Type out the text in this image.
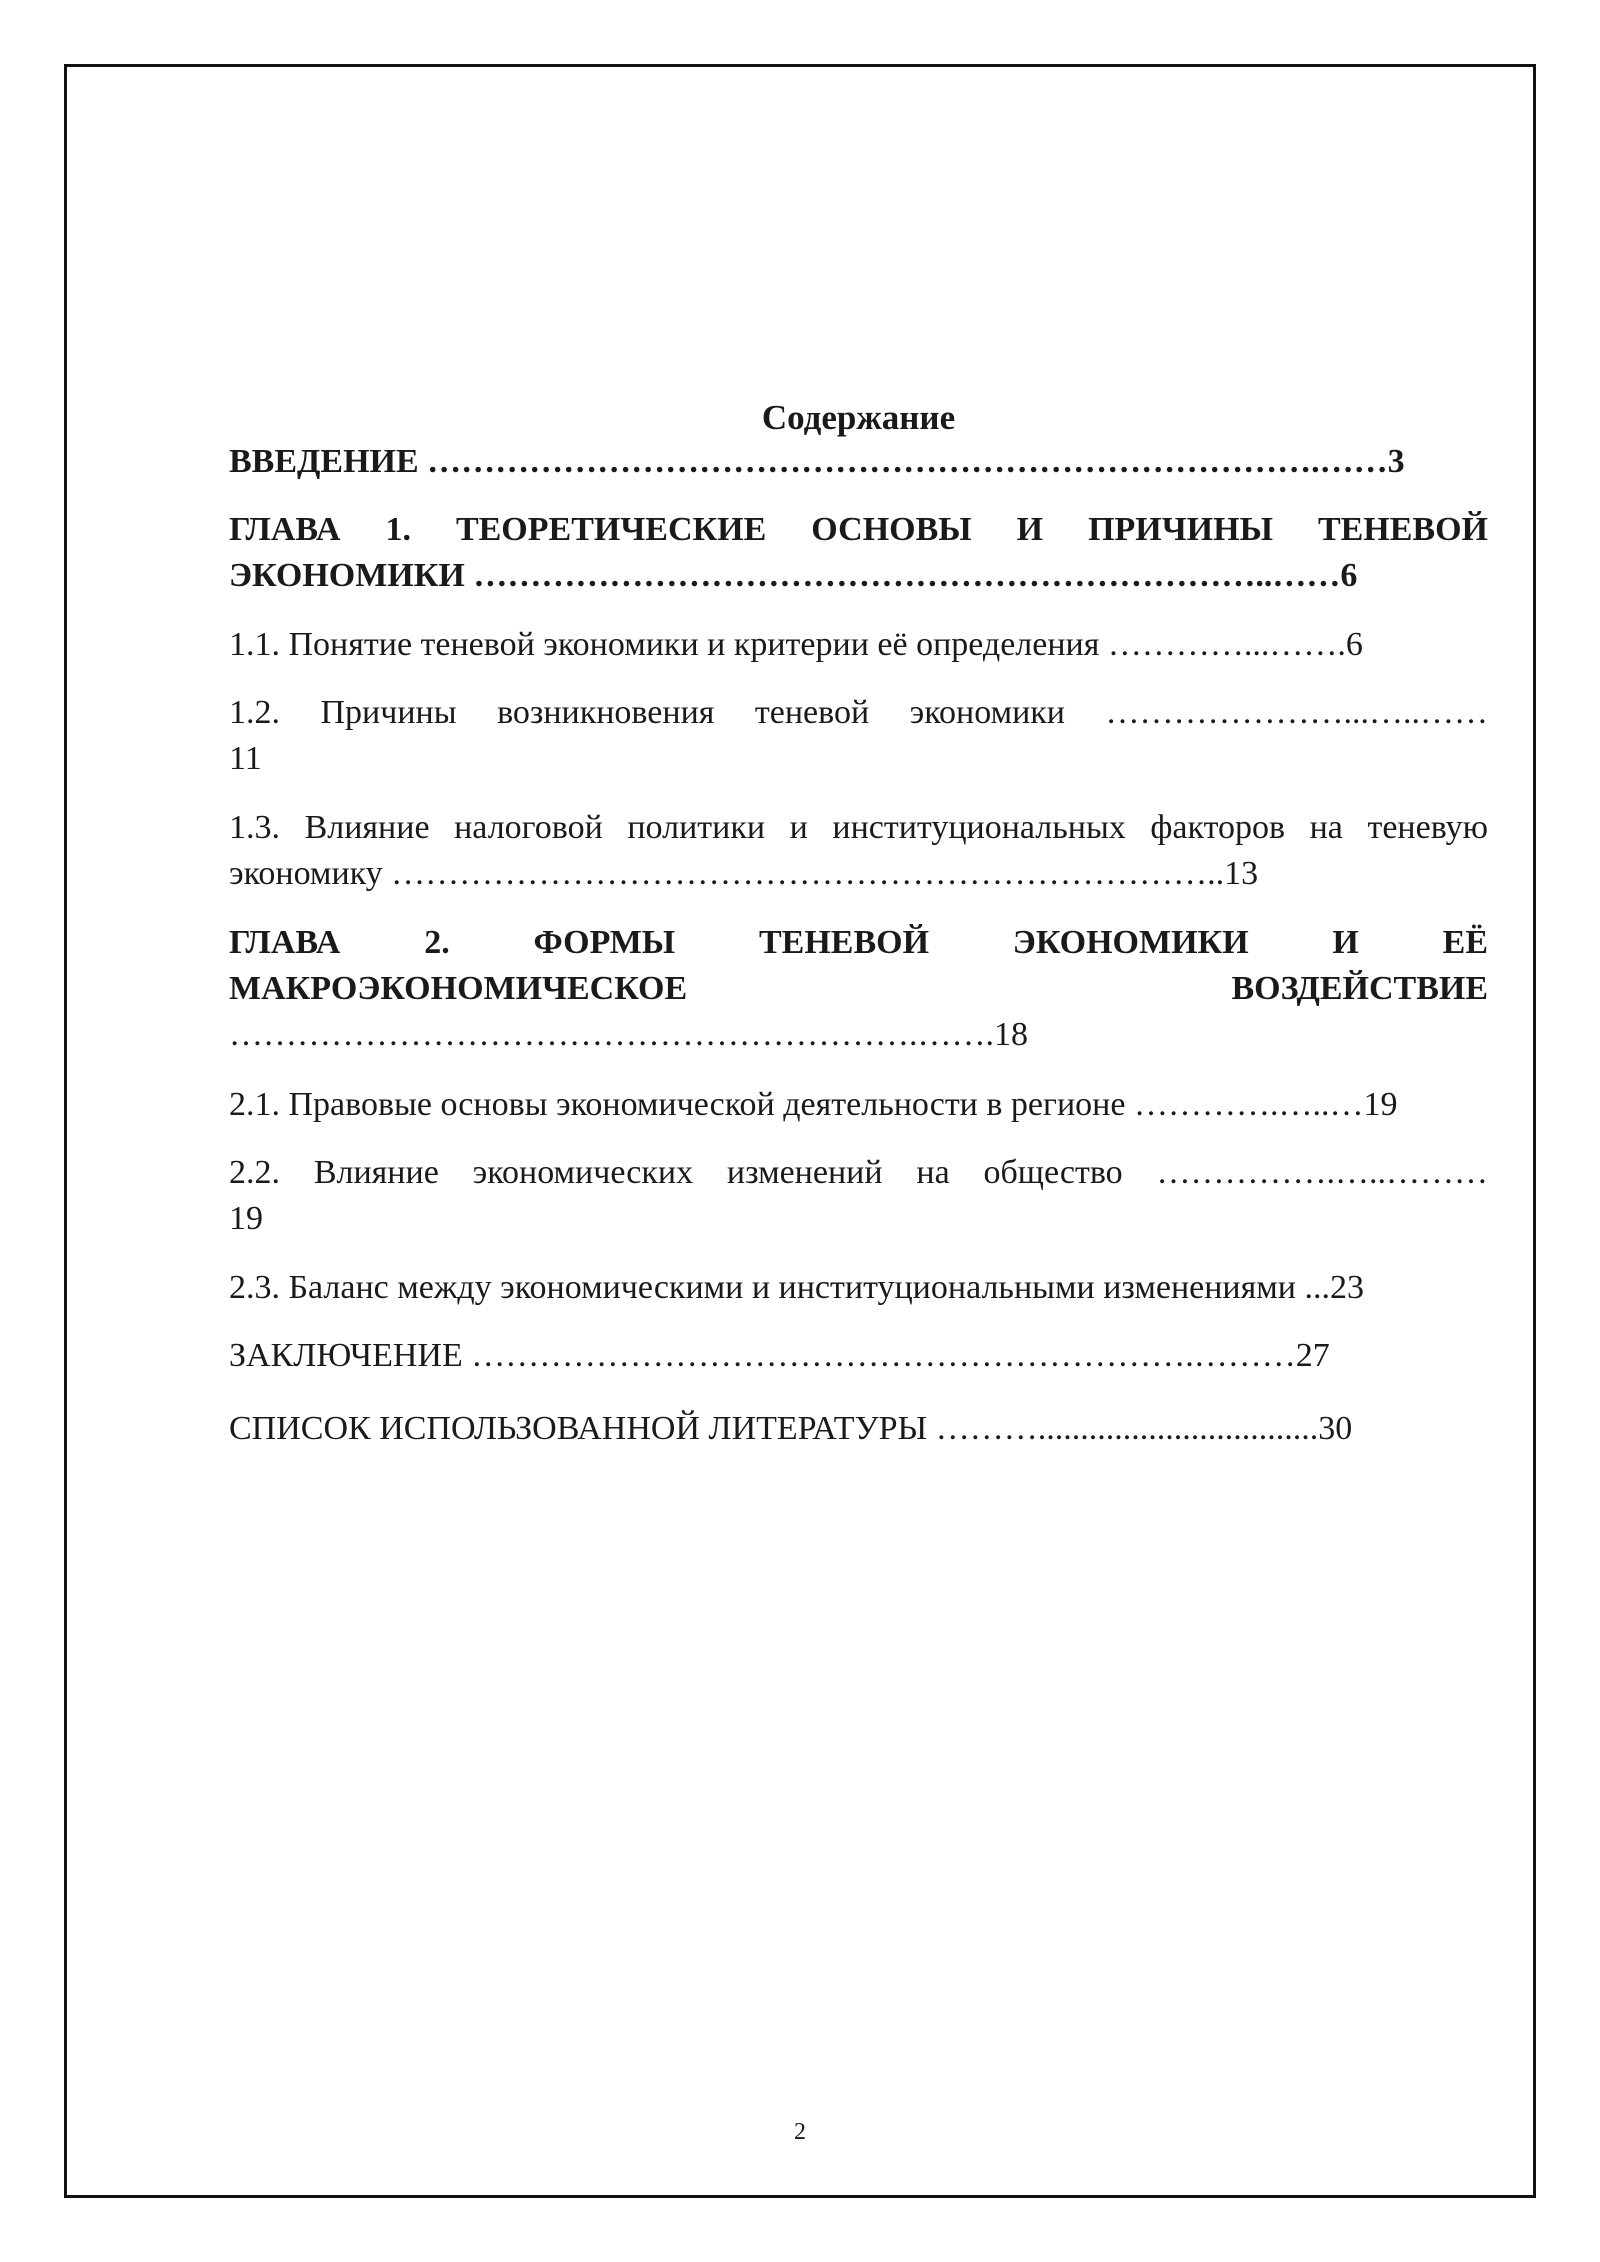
Содержание
ВВЕДЕНИЕ …………………………………………………………………….……3
ГЛАВА 1. ТЕОРЕТИЧЕСКИЕ ОСНОВЫ И ПРИЧИНЫ ТЕНЕВОЙ
ЭКОНОМИКИ ……………………………………………………………..……6
1.1. Понятие теневой экономики и критерии её определения …………...…….6
1.2. Причины возникновения теневой экономики …………………...…..……
11
1.3. Влияние налоговой политики и институциональных факторов на теневую
экономику ………………………………………………………………..13
ГЛАВА 2. ФОРМЫ ТЕНЕВОЙ ЭКОНОМИКИ И ЕЁ
МАКРОЭКОНОМИЧЕСКОЕ ВОЗДЕЙСТВИЕ
…………………………………………………….…….18
2.1. Правовые основы экономической деятельности в регионе ………….…..…19
2.2. Влияние экономических изменений на общество …………….…..………
19
2.3. Баланс между экономическими и институциональными изменениями ...23
ЗАКЛЮЧЕНИЕ ……………………………………………………….………27
СПИСОК ИСПОЛЬЗОВАННОЙ ЛИТЕРАТУРЫ ……….................................30
2
